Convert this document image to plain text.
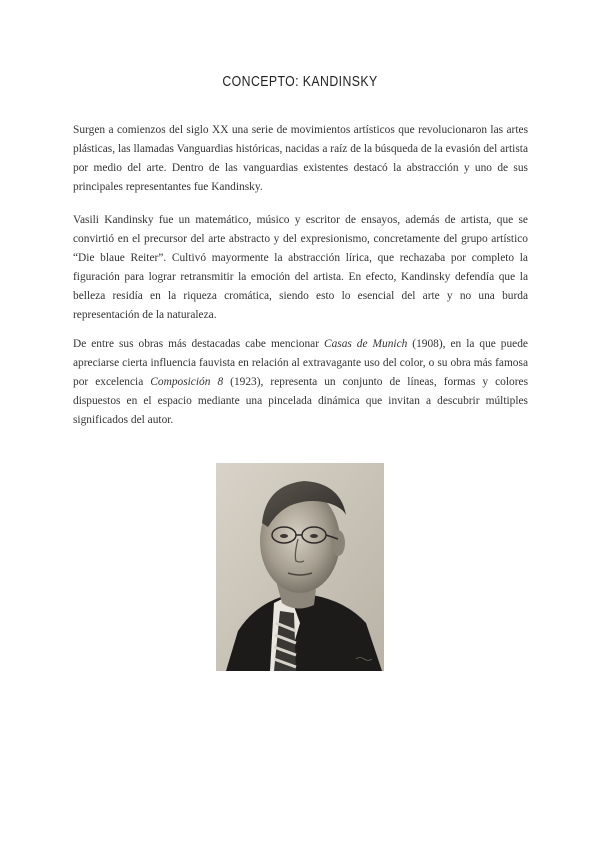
CONCEPTO: KANDINSKY

Surgen a comienzos del siglo XX una serie de movimientos artísticos que revolucionaron las artes plásticas, las llamadas Vanguardias históricas, nacidas a raíz de la búsqueda de la evasión del artista por medio del arte. Dentro de las vanguardias existentes destacó la abstracción y uno de sus principales representantes fue Kandinsky.

Vasili Kandinsky fue un matemático, músico y escritor de ensayos, además de artista, que se convirtió en el precursor del arte abstracto y del expresionismo, concretamente del grupo artístico “Die blaue Reiter”. Cultivó mayormente la abstracción lírica, que rechazaba por completo la figuración para lograr retransmitir la emoción del artista. En efecto, Kandinsky defendía que la belleza residía en la riqueza cromática, siendo esto lo esencial del arte y no una burda representación de la naturaleza.

De entre sus obras más destacadas cabe mencionar Casas de Munich (1908), en la que puede apreciarse cierta influencia fauvista en relación al extravagante uso del color, o su obra más famosa por excelencia Composición 8 (1923), representa un conjunto de líneas, formas y colores dispuestos en el espacio mediante una pincelada dinámica que invitan a descubrir múltiples significados del autor.
